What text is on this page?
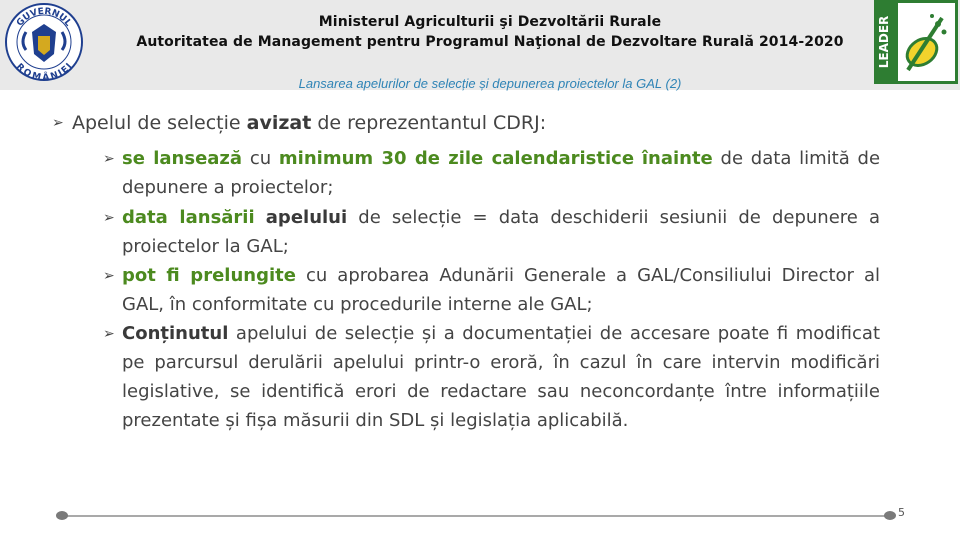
GUVERNUL
ROMÂNIEI
Ministerul Agriculturii şi Dezvoltării Rurale
Autoritatea de Management pentru Programul Naţional de Dezvoltare Rurală 2014-2020	LEADER
Lansarea apelurilor de selecție și depunerea proiectelor la GAL (2)
➢ Apelul de selecție avizat de reprezentantul CDRJ:
➢ se lansează cu minimum 30 de zile calendaristice înainte de data limită de depunere a proiectelor;
➢ data lansării apelului de selecție = data deschiderii sesiunii de depunere a proiectelor la GAL;
➢ pot fi prelungite cu aprobarea Adunării Generale a GAL/Consiliului Director al GAL, în conformitate cu procedurile interne ale GAL;
➢ Conținutul apelului de selecție și a documentației de accesare poate fi modificat pe parcursul derulării apelului printr-o eroră, în cazul în care intervin modificări legislative, se identifică erori de redactare sau neconcordanțe între informațiile prezentate și fișa măsurii din SDL și legislația aplicabilă.
5
